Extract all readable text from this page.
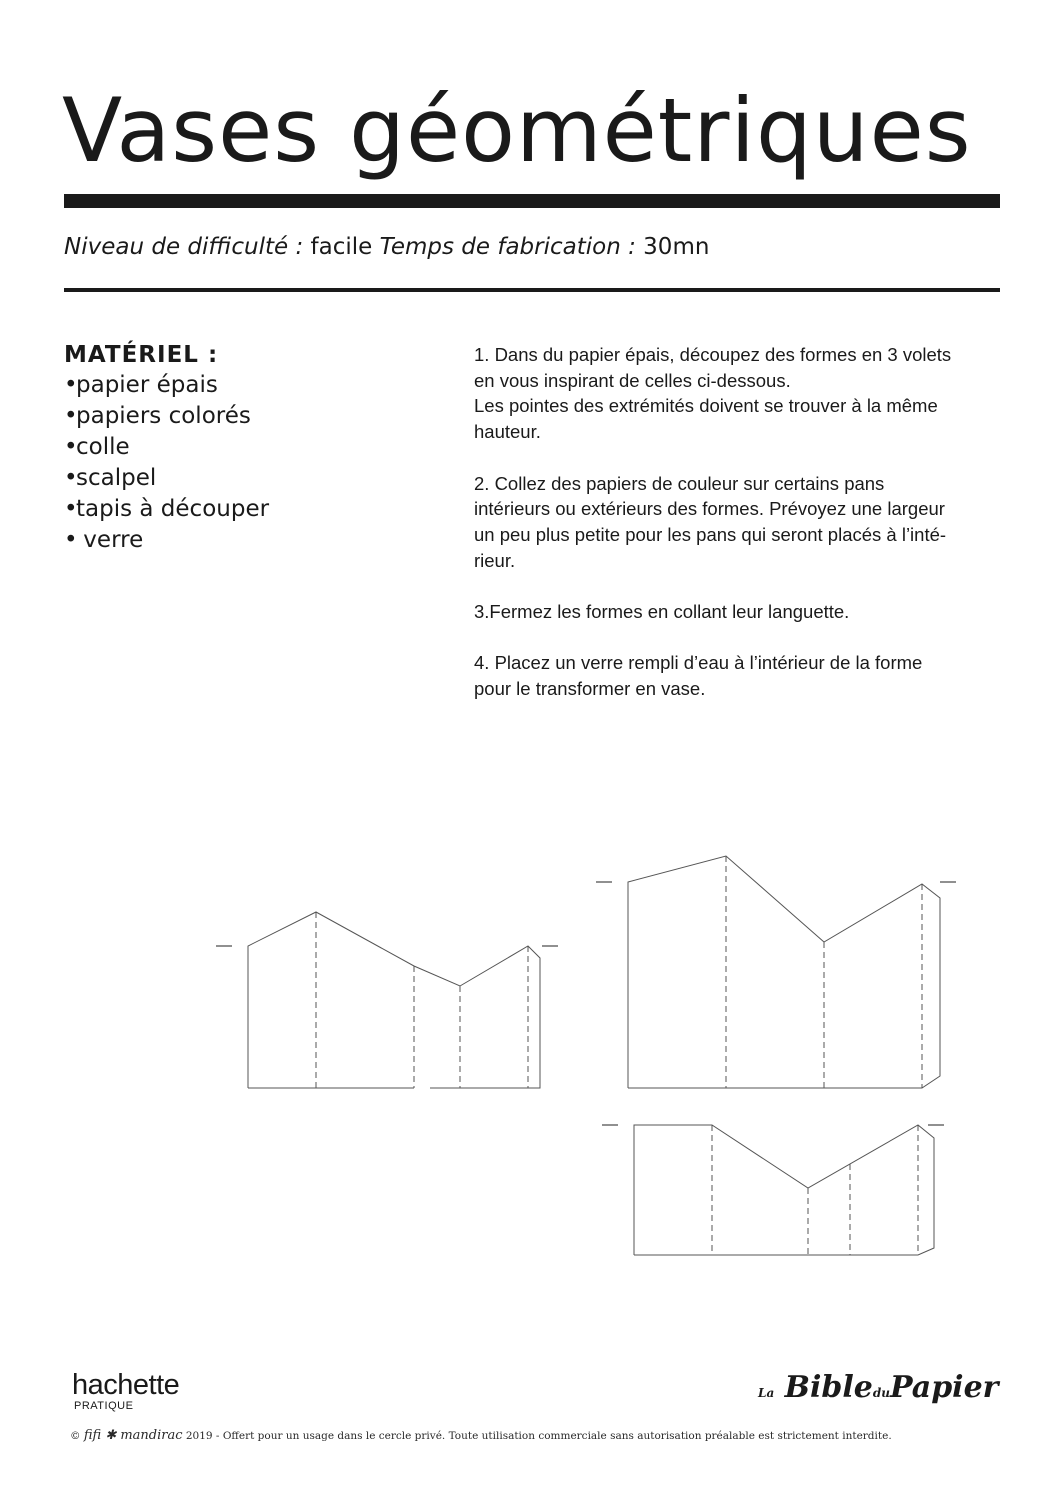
Vases géométriques
Niveau de difficulté : facile Temps de fabrication : 30mn
MATÉRIEL :
•papier épais
•papiers colorés
•colle
•scalpel
•tapis à découper
• verre

1. Dans du papier épais, découpez des formes en 3 volets
en vous inspirant de celles ci-dessous.
Les pointes des extrémités doivent se trouver à la même
hauteur.

2. Collez des papiers de couleur sur certains pans
intérieurs ou extérieurs des formes. Prévoyez une largeur
un peu plus petite pour les pans qui seront placés à l’inté-
rieur.

3.Fermez les formes en collant leur languette.

4. Placez un verre rempli d’eau à l’intérieur de la forme
pour le transformer en vase.

hachette
PRATIQUE
La BibleduPapier
© fifi ✱ mandirac 2019 - Offert pour un usage dans le cercle privé. Toute utilisation commerciale sans autorisation préalable est strictement interdite.
